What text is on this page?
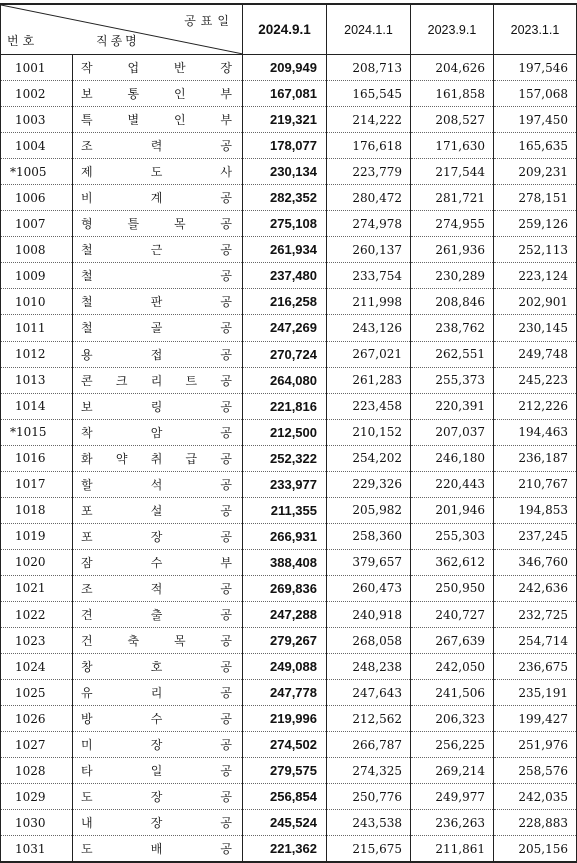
공표일
번호 직종명		2024.9.1	2024.1.1	2023.9.1	2023.1.1
1001	작 업 반 장	209,949	208,713	204,626	197,546
1002	보 통 인 부	167,081	165,545	161,858	157,068
1003	특 별 인 부	219,321	214,222	208,527	197,450
1004	조 력 공	178,077	176,618	171,630	165,635
*1005	제 도 사	230,134	223,779	217,544	209,231
1006	비 계 공	282,352	280,472	281,721	278,151
1007	형 틀 목 공	275,108	274,978	274,955	259,126
1008	철 근 공	261,934	260,137	261,936	252,113
1009	철 공	237,480	233,754	230,289	223,124
1010	철 판 공	216,258	211,998	208,846	202,901
1011	철 골 공	247,269	243,126	238,762	230,145
1012	용 접 공	270,724	267,021	262,551	249,748
1013	콘 크 리 트 공	264,080	261,283	255,373	245,223
1014	보 링 공	221,816	223,458	220,391	212,226
*1015	착 암 공	212,500	210,152	207,037	194,463
1016	화 약 취 급 공	252,322	254,202	246,180	236,187
1017	할 석 공	233,977	229,326	220,443	210,767
1018	포 설 공	211,355	205,982	201,946	194,853
1019	포 장 공	266,931	258,360	255,303	237,245
1020	잠 수 부	388,408	379,657	362,612	346,760
1021	조 적 공	269,836	260,473	250,950	242,636
1022	견 출 공	247,288	240,918	240,727	232,725
1023	건 축 목 공	279,267	268,058	267,639	254,714
1024	창 호 공	249,088	248,238	242,050	236,675
1025	유 리 공	247,778	247,643	241,506	235,191
1026	방 수 공	219,996	212,562	206,323	199,427
1027	미 장 공	274,502	266,787	256,225	251,976
1028	타 일 공	279,575	274,325	269,214	258,576
1029	도 장 공	256,854	250,776	249,977	242,035
1030	내 장 공	245,524	243,538	236,263	228,883
1031	도 배 공	221,362	215,675	211,861	205,156
